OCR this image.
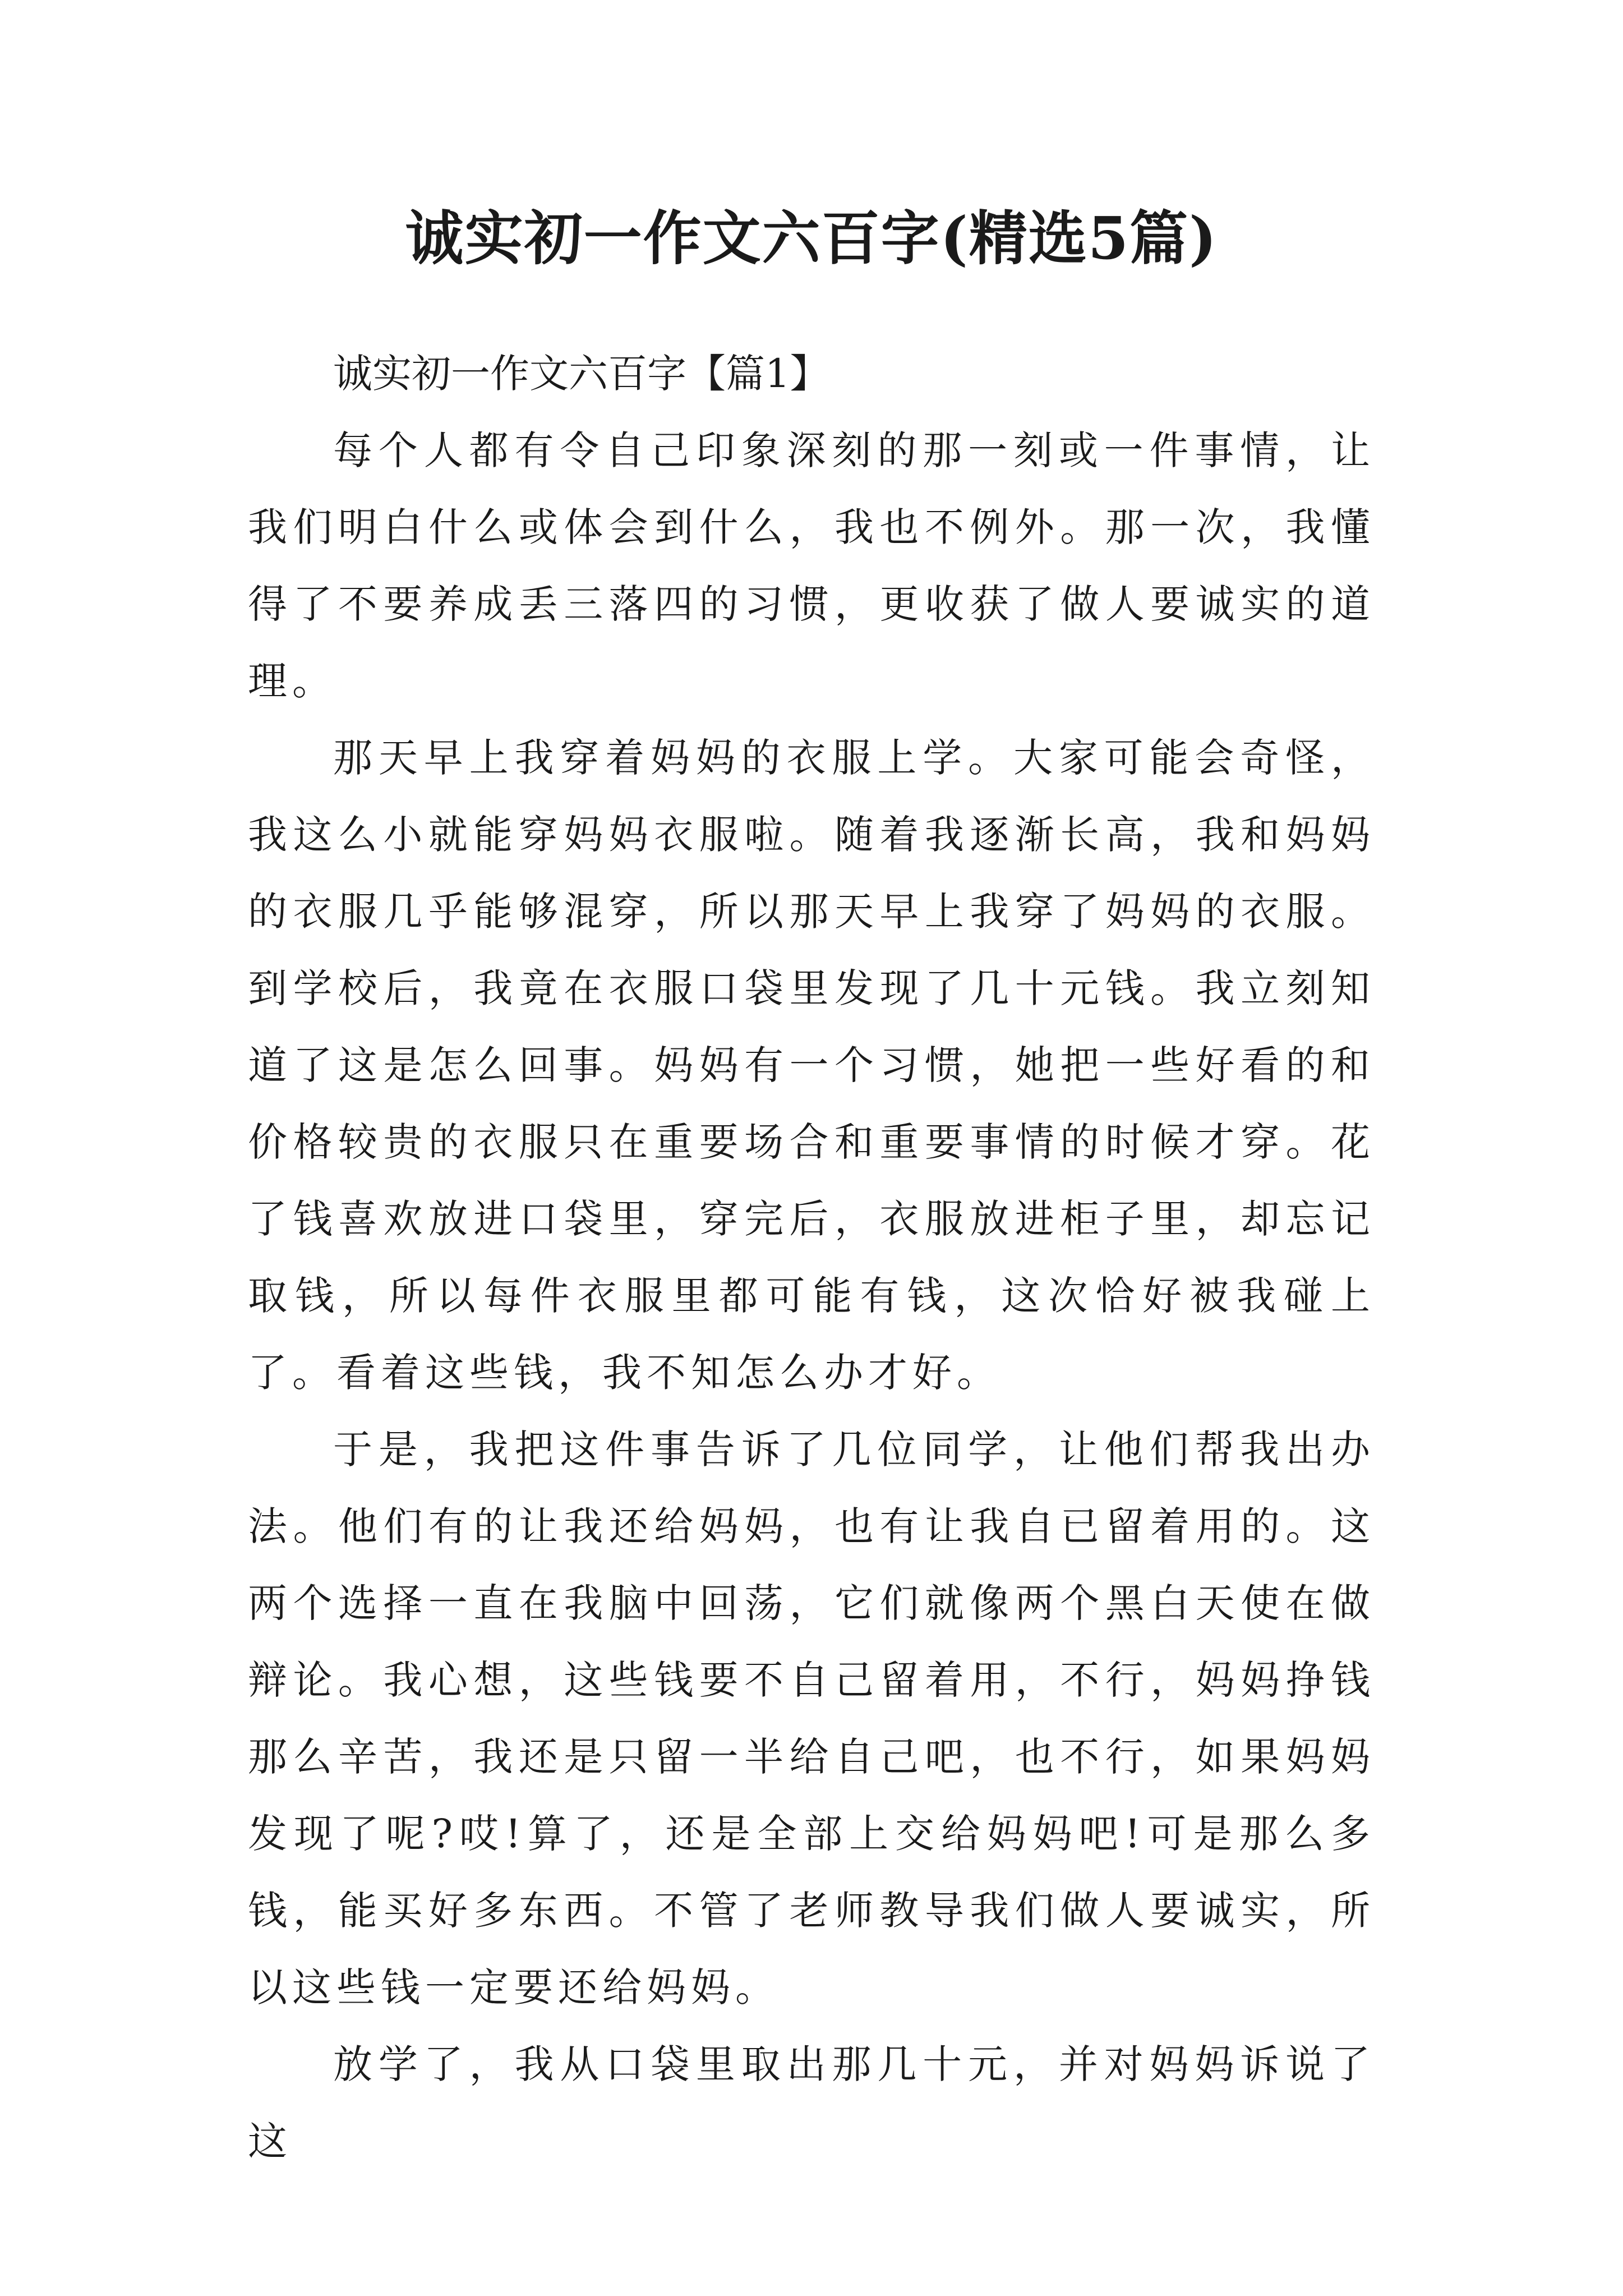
诚实初一作文六百字(精选5篇)

诚实初一作文六百字【篇1】

每个人都有令自己印象深刻的那一刻或一件事情，让我们明白什么或体会到什么，我也不例外。那一次，我懂得了不要养成丢三落四的习惯，更收获了做人要诚实的道理。

那天早上我穿着妈妈的衣服上学。大家可能会奇怪，我这么小就能穿妈妈衣服啦。随着我逐渐长高，我和妈妈的衣服几乎能够混穿，所以那天早上我穿了妈妈的衣服。到学校后，我竟在衣服口袋里发现了几十元钱。我立刻知道了这是怎么回事。妈妈有一个习惯，她把一些好看的和价格较贵的衣服只在重要场合和重要事情的时候才穿。花了钱喜欢放进口袋里，穿完后，衣服放进柜子里，却忘记取钱，所以每件衣服里都可能有钱，这次恰好被我碰上了。看着这些钱，我不知怎么办才好。

于是，我把这件事告诉了几位同学，让他们帮我出办法。他们有的让我还给妈妈，也有让我自已留着用的。这两个选择一直在我脑中回荡，它们就像两个黑白天使在做辩论。我心想，这些钱要不自己留着用，不行，妈妈挣钱那么辛苦，我还是只留一半给自己吧，也不行，如果妈妈发现了呢?哎!算了，还是全部上交给妈妈吧!可是那么多钱，能买好多东西。不管了老师教导我们做人要诚实，所以这些钱一定要还给妈妈。

放学了，我从口袋里取出那几十元，并对妈妈诉说了这
